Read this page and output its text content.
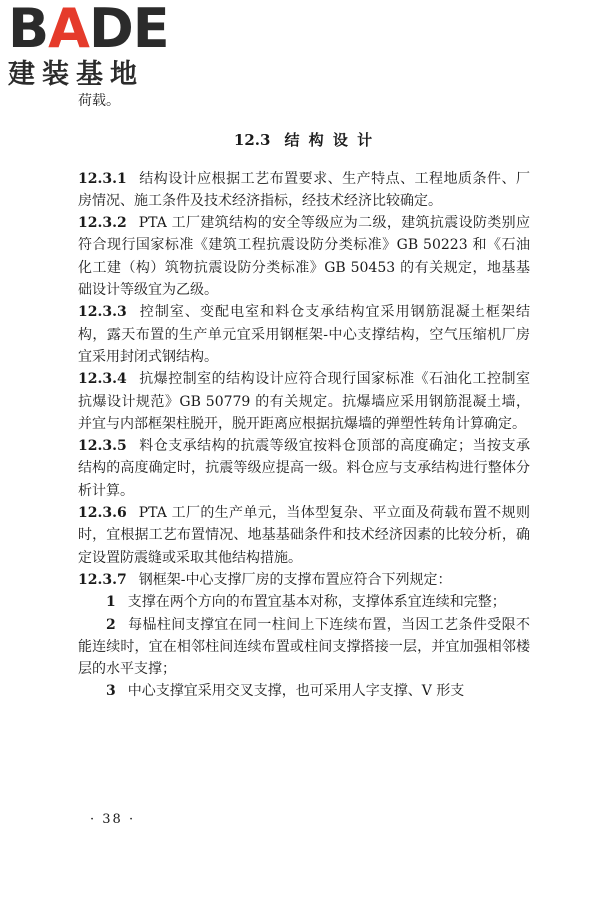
BADE
建装基地

荷载。

12.3 结 构 设 计

12.3.1 结构设计应根据工艺布置要求、生产特点、工程地质条件、厂房情况、施工条件及技术经济指标，经技术经济比较确定。

12.3.2 PTA 工厂建筑结构的安全等级应为二级，建筑抗震设防类别应符合现行国家标准《建筑工程抗震设防分类标准》GB 50223 和《石油化工建（构）筑物抗震设防分类标准》GB 50453 的有关规定，地基基础设计等级宜为乙级。

12.3.3 控制室、变配电室和料仓支承结构宜采用钢筋混凝土框架结构，露天布置的生产单元宜采用钢框架-中心支撑结构，空气压缩机厂房宜采用封闭式钢结构。

12.3.4 抗爆控制室的结构设计应符合现行国家标准《石油化工控制室抗爆设计规范》GB 50779 的有关规定。抗爆墙应采用钢筋混凝土墙，并宜与内部框架柱脱开，脱开距离应根据抗爆墙的弹塑性转角计算确定。

12.3.5 料仓支承结构的抗震等级宜按料仓顶部的高度确定；当按支承结构的高度确定时，抗震等级应提高一级。料仓应与支承结构进行整体分析计算。

12.3.6 PTA 工厂的生产单元，当体型复杂、平立面及荷载布置不规则时，宜根据工艺布置情况、地基基础条件和技术经济因素的比较分析，确定设置防震缝或采取其他结构措施。

12.3.7 钢框架-中心支撑厂房的支撑布置应符合下列规定：

1 支撑在两个方向的布置宜基本对称，支撑体系宜连续和完整；

2 每榀柱间支撑宜在同一柱间上下连续布置，当因工艺条件受限不能连续时，宜在相邻柱间连续布置或柱间支撑搭接一层，并宜加强相邻楼层的水平支撑；

3 中心支撑宜采用交叉支撑，也可采用人字支撑、V 形支

· 38 ·
